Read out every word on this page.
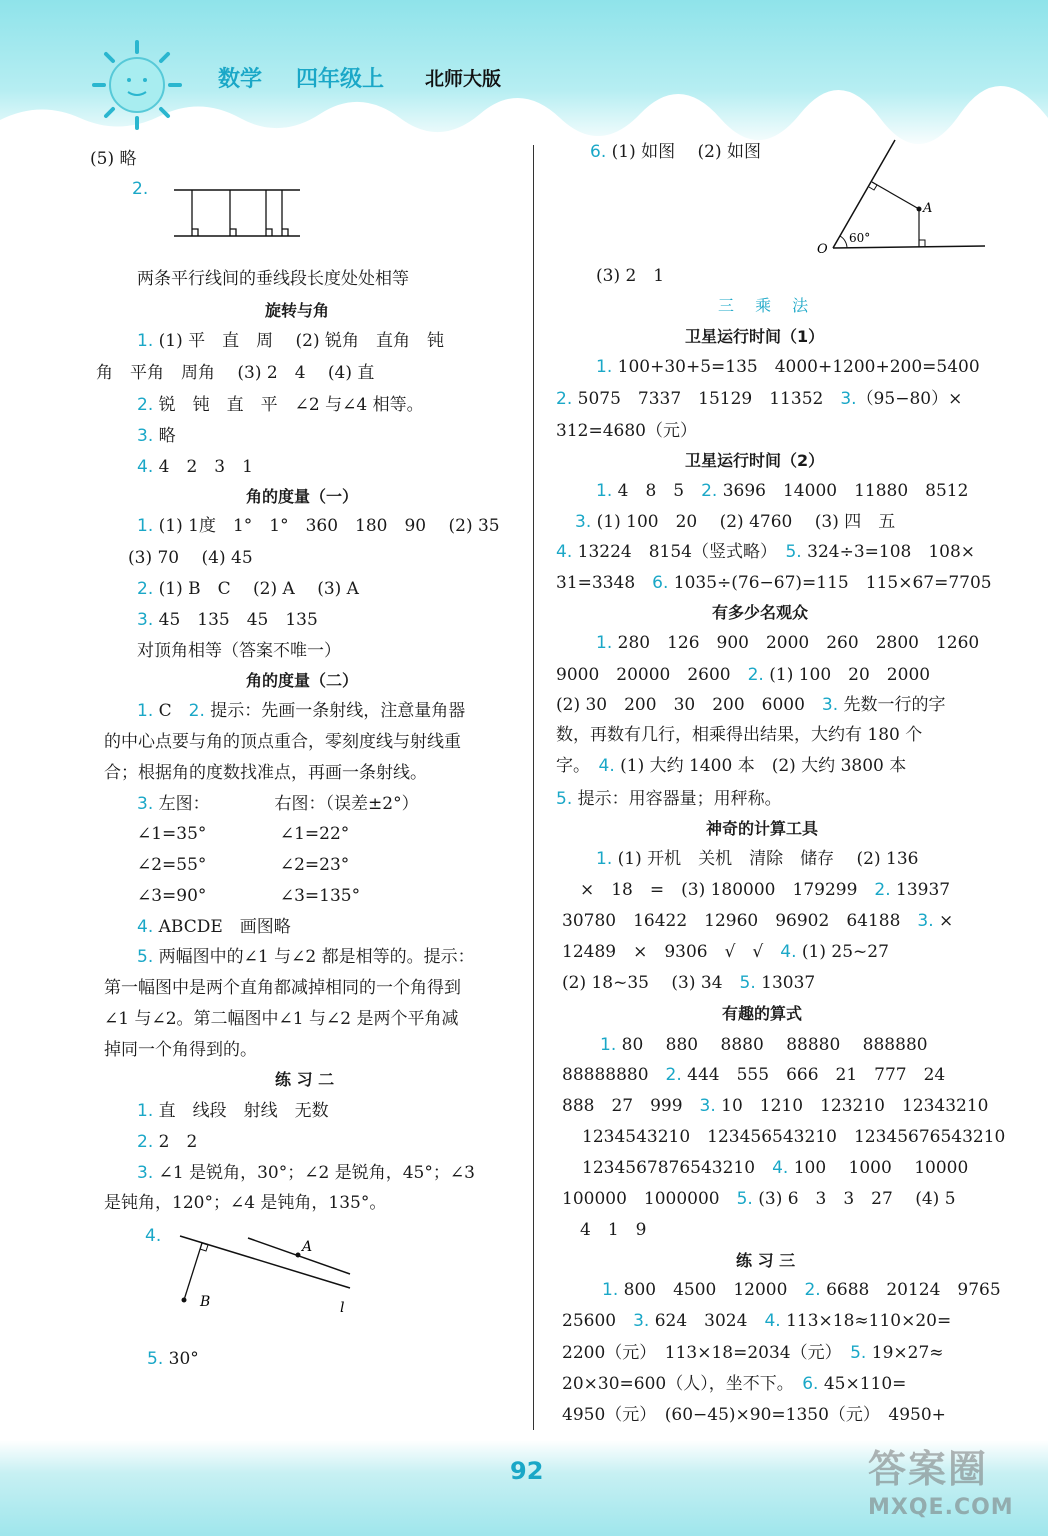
数学 四年级上 北师大版
(5) 略
2.
两条平行线间的垂线段长度处处相等
旋转与角
1. (1) 平　直　周　 (2) 锐角　直角　钝
角　平角　周角　 (3) 2　4　 (4) 直
2. 锐　钝　直　平　∠2 与∠4 相等。
3. 略
4. 4　2　3　1
角的度量（一）
1. (1) 1度　1°　1°　360　180　90　 (2) 35
(3) 70　 (4) 45
2. (1) B　C　 (2) A　 (3) A
3. 45　135　45　135
对顶角相等（答案不唯一）
角的度量（二）
1. C　2. 提示：先画一条射线，注意量角器
的中心点要与角的顶点重合，零刻度线与射线重
合；根据角的度数找准点，再画一条射线。
3. 左图：　　　　 右图：（误差±2°）
∠1=35°　　　　 ∠1=22°
∠2=55°　　　　 ∠2=23°
∠3=90°　　　　 ∠3=135°
4. ABCDE　画图略
5. 两幅图中的∠1 与∠2 都是相等的。提示：
第一幅图中是两个直角都减掉相同的一个角得到
∠1 与∠2。第二幅图中∠1 与∠2 是两个平角减
掉同一个角得到的。
练 习 二
1. 直　线段　射线　无数
2. 2　2
3. ∠1 是锐角，30°；∠2 是锐角，45°；∠3
是钝角，120°；∠4 是钝角，135°。
4.
A
B	l
5. 30°
6. (1) 如图　 (2) 如图
A
O
60°
(3) 2　1
三 乘 法
卫星运行时间（1）
1. 100+30+5=135　4000+1200+200=5400
2. 5075　7337　15129　11352　3.（95−80）×
312=4680（元）
卫星运行时间（2）
1. 4　8　5　2. 3696　14000　11880　8512
3. (1) 100　20　 (2) 4760　 (3) 四　五
4. 13224　8154（竖式略）　5. 324÷3=108　108×
31=3348　6. 1035÷(76−67)=115　115×67=7705
有多少名观众
1. 280　126　900　2000　260　2800　1260
9000　20000　2600　2. (1) 100　20　2000
(2) 30　200　30　200　6000　3. 先数一行的字
数，再数有几行，相乘得出结果，大约有 180 个
字。　4. (1) 大约 1400 本　(2) 大约 3800 本
5. 提示：用容器量；用秤称。
神奇的计算工具
1. (1) 开机　关机　清除　储存　 (2) 136
×　18　=　(3) 180000　179299　2. 13937
30780　16422　12960　96902　64188　3. ×
12489　×　9306　√　√　4. (1) 25~27
(2) 18~35　 (3) 34　5. 13037
有趣的算式
1. 80　 880　 8880　 88880　 888880
88888880　2. 444　555　666　21　777　24
888　27　999　3. 10　1210　123210　12343210
1234543210　123456543210　12345676543210
1234567876543210　4. 100　 1000　 10000
100000　1000000　5. (3) 6　3　3　27　 (4) 5
4　1　9
练 习 三
1. 800　4500　12000　2. 6688　20124　9765
25600　3. 624　3024　4. 113×18≈110×20=
2200（元）　113×18=2034（元）　5. 19×27≈
20×30=600（人），坐不下。　6. 45×110=
4950（元）　(60−45)×90=1350（元）　4950+
92	答案圈
MXQE.COM
